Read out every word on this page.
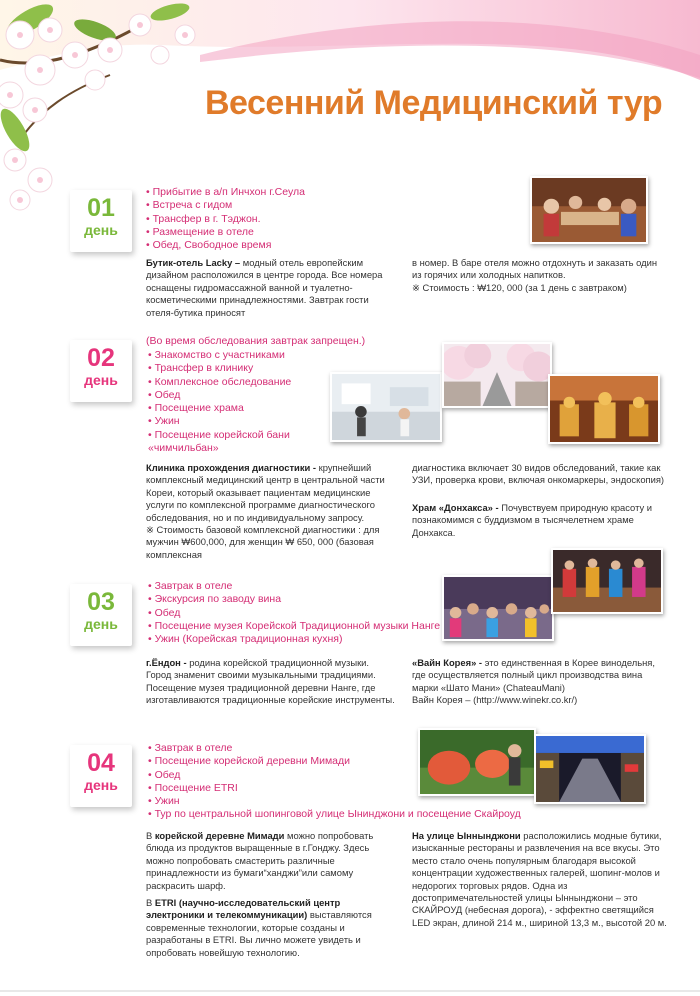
Весенний Медицинский тур
01
день
• Прибытие в а/п Инчхон г.Сеула
• Встреча с гидом
• Трансфер в г. Тэджон.
• Размещение в отеле
• Обед, Свободное время
Бутик-отель Lacky – модный отель европейским дизайном расположился в центре города. Все номера оснащены гидромассажной ванной и туалетно-косметическими принадлежностями. Завтрак гости отеля-бутика приносят
в номер. В баре отеля можно отдохнуть и заказать один из горячих или холодных напитков.
※ Стоимость : ₩120, 000 (за 1 день с завтраком)
02
день
(Во время обследования завтрак запрещен.)
• Знакомство с участниками
• Трансфер в клинику
• Комплексное обследование
• Обед
• Посещение храма
• Ужин
• Посещение корейской бани «чимчильбан»
Клиника прохождения диагностики - крупнейший комплексный медицинский центр в центральной части Кореи, который оказывает пациентам медицинские услуги по комплексной программе диагностического обследования, но и по индивидуальному запросу.
※ Стоимость базовой комплексной диагностики : для мужчин ₩600,000, для женщин ₩ 650, 000 (базовая комплексная
диагностика включает 30 видов обследований, такие как УЗИ, проверка крови, включая онкомаркеры, эндоскопия)
Храм «Донхакса» - Почувствуем природную красоту и познакомимся с буддизмом в тысячелетнем храме Донхакса.
03
день
• Завтрак в отеле
• Экскурсия по заводу вина
• Обед
• Посещение музея Корейской Традиционной музыки Нанге
• Ужин (Корейская традиционная кухня)
г.Ёндон - родина корейской традиционной музыки. Город знаменит своими музыкальными традициями. Посещение музея традиционной деревни Нанге, где изготавливаются традиционные корейские инструменты.
«Вайн Корея» - это единственная в Корее винодельня, где осуществляется полный цикл производства вина марки «Шато Мани» (ChateauMani)
Вайн Корея – (http://www.winekr.co.kr/)
04
день
• Завтрак в отеле
• Посещение корейской деревни Мимади
• Обед
• Посещение ETRI
• Ужин
• Тур по центральной шопинговой улице Ынинджони и посещение Скайроуд
В корейской деревне Мимади можно попробовать блюда из продуктов выращенные в г.Гонджу. Здесь можно попробовать смастерить различные принадлежности из бумаги“ханджи”или самому раскрасить шарф.
В ETRI (научно-исследовательский центр электроники и телекоммуникации) выставляются современные технологии, которые созданы и разработаны в ETRI. Вы лично можете увидеть и опробовать новейшую технологию.
На улице Ыннынджони расположились модные бутики, изысканные рестораны и развлечения на все вкусы. Это место стало очень популярным благодаря высокой концентрации художественных галерей, шопинг-молов и недорогих торговых рядов. Одна из достопримечательностей улицы Ыннынджони – это СКАЙРОУД (небесная дорога), - эффектно светящийся LED экран, длиной 214 м., шириной 13,3 м., высотой 20 м.
